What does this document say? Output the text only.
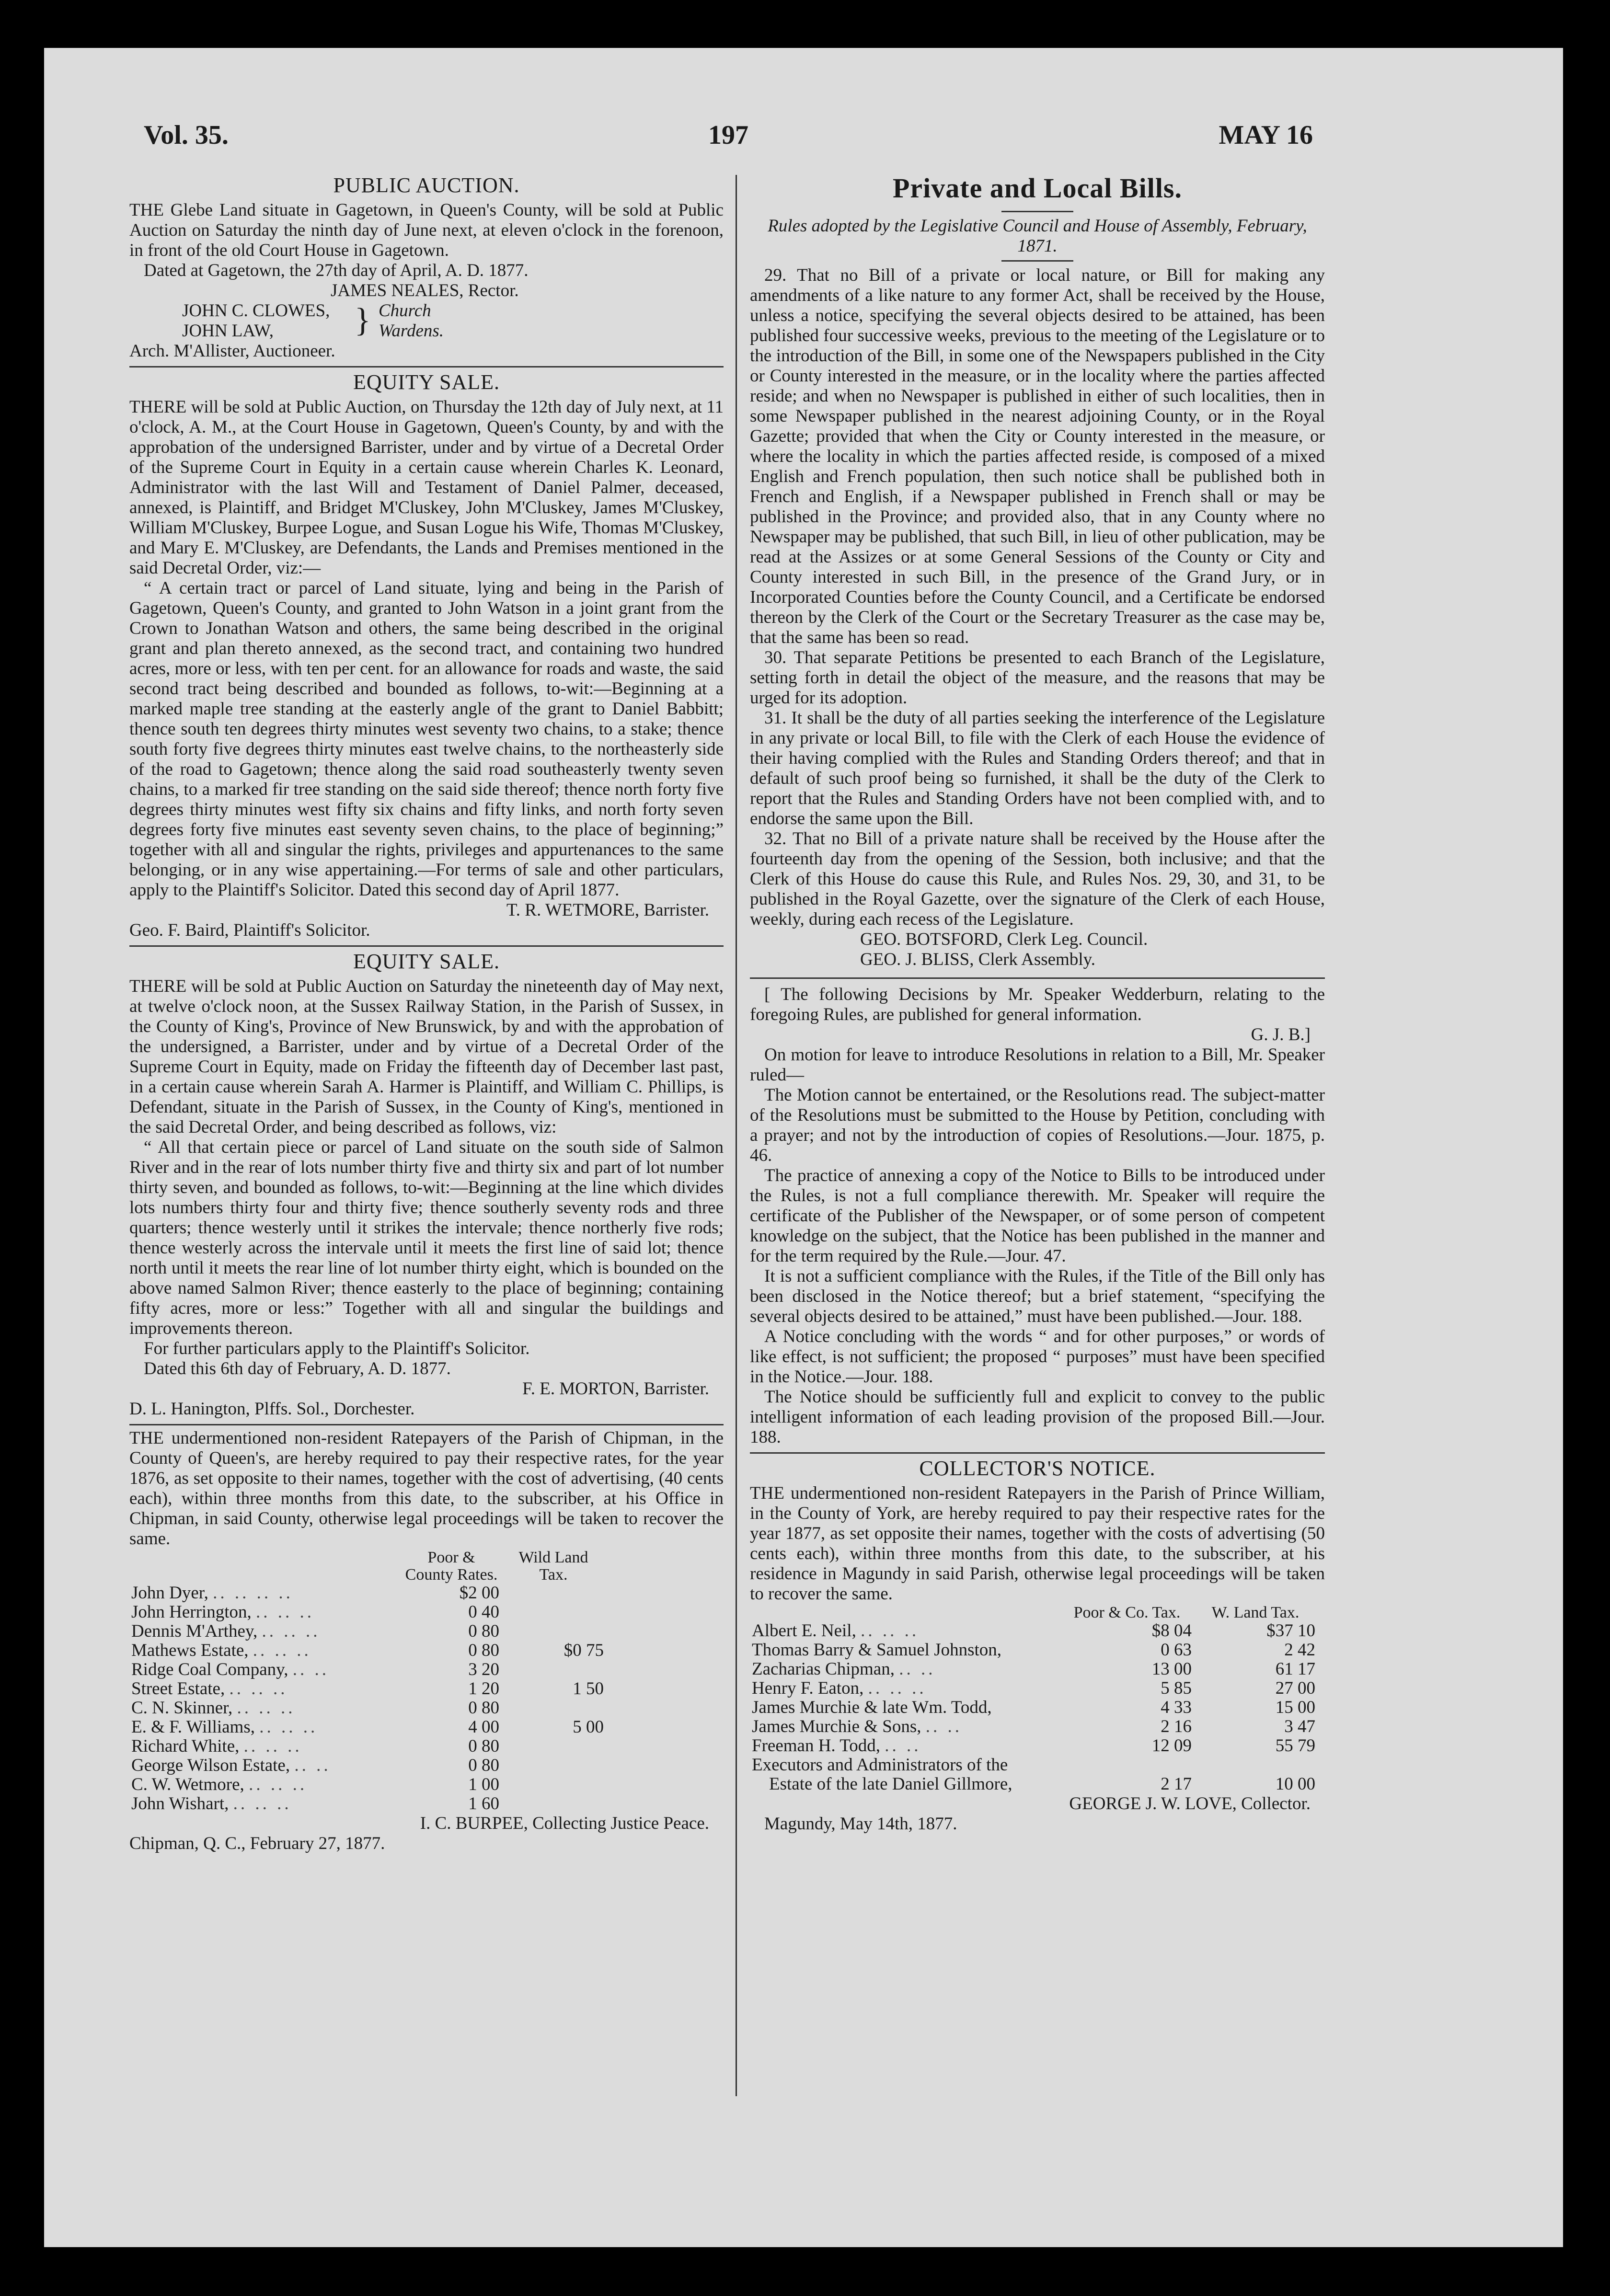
Vol. 35.	197	MAY 16
PUBLIC AUCTION.

THE Glebe Land situate in Gagetown, in Queen's County, will be sold at Public Auction on Saturday the ninth day of June next, at eleven o'clock in the forenoon, in front of the old Court House in Gagetown.

Dated at Gagetown, the 27th day of April, A. D. 1877.

JAMES NEALES, Rector.
JOHN C. CLOWES,
JOHN LAW, } Church
Wardens.

Arch. M'Allister, Auctioneer.

EQUITY SALE.

THERE will be sold at Public Auction, on Thursday the 12th day of July next, at 11 o'clock, A. M., at the Court House in Gagetown, Queen's County, by and with the approbation of the undersigned Barrister, under and by virtue of a Decretal Order of the Supreme Court in Equity in a certain cause wherein Charles K. Leonard, Administrator with the last Will and Testament of Daniel Palmer, deceased, annexed, is Plaintiff, and Bridget M'Cluskey, John M'Cluskey, James M'Cluskey, William M'Cluskey, Burpee Logue, and Susan Logue his Wife, Thomas M'Cluskey, and Mary E. M'Cluskey, are Defendants, the Lands and Premises mentioned in the said Decretal Order, viz:—

“ A certain tract or parcel of Land situate, lying and being in the Parish of Gagetown, Queen's County, and granted to John Watson in a joint grant from the Crown to Jonathan Watson and others, the same being described in the original grant and plan thereto annexed, as the second tract, and containing two hundred acres, more or less, with ten per cent. for an allowance for roads and waste, the said second tract being described and bounded as follows, to-wit:—Beginning at a marked maple tree standing at the easterly angle of the grant to Daniel Babbitt; thence south ten degrees thirty minutes west seventy two chains, to a stake; thence south forty five degrees thirty minutes east twelve chains, to the northeasterly side of the road to Gagetown; thence along the said road southeasterly twenty seven chains, to a marked fir tree standing on the said side thereof; thence north forty five degrees thirty minutes west fifty six chains and fifty links, and north forty seven degrees forty five minutes east seventy seven chains, to the place of beginning;” together with all and singular the rights, privileges and appurtenances to the same belonging, or in any wise appertaining.—For terms of sale and other particulars, apply to the Plaintiff's Solicitor. Dated this second day of April 1877.

T. R. WETMORE, Barrister.

Geo. F. Baird, Plaintiff's Solicitor.

EQUITY SALE.

THERE will be sold at Public Auction on Saturday the nineteenth day of May next, at twelve o'clock noon, at the Sussex Railway Station, in the Parish of Sussex, in the County of King's, Province of New Brunswick, by and with the approbation of the undersigned, a Barrister, under and by virtue of a Decretal Order of the Supreme Court in Equity, made on Friday the fifteenth day of December last past, in a certain cause wherein Sarah A. Harmer is Plaintiff, and William C. Phillips, is Defendant, situate in the Parish of Sussex, in the County of King's, mentioned in the said Decretal Order, and being described as follows, viz:

“ All that certain piece or parcel of Land situate on the south side of Salmon River and in the rear of lots number thirty five and thirty six and part of lot number thirty seven, and bounded as follows, to-wit:—Beginning at the line which divides lots numbers thirty four and thirty five; thence southerly seventy rods and three quarters; thence westerly until it strikes the intervale; thence northerly five rods; thence westerly across the intervale until it meets the first line of said lot; thence north until it meets the rear line of lot number thirty eight, which is bounded on the above named Salmon River; thence easterly to the place of beginning; containing fifty acres, more or less:” Together with all and singular the buildings and improvements thereon.

For further particulars apply to the Plaintiff's Solicitor.

Dated this 6th day of February, A. D. 1877.

F. E. MORTON, Barrister.

D. L. Hanington, Plffs. Sol., Dorchester.

THE undermentioned non-resident Ratepayers of the Parish of Chipman, in the County of Queen's, are hereby required to pay their respective rates, for the year 1876, as set opposite to their names, together with the cost of advertising, (40 cents each), within three months from this date, to the subscriber, at his Office in Chipman, in said County, otherwise legal proceedings will be taken to recover the same.

	Poor & County Rates.	Wild Land Tax.
John Dyer, .. .. .. ..	$2 00	
John Herrington, .. .. ..	0 40	
Dennis M'Arthey, .. .. ..	0 80	
Mathews Estate, .. .. ..	0 80	$0 75
Ridge Coal Company, .. ..	3 20	
Street Estate, .. .. ..	1 20	1 50
C. N. Skinner, .. .. ..	0 80	
E. & F. Williams, .. .. ..	4 00	5 00
Richard White, .. .. ..	0 80	
George Wilson Estate, .. ..	0 80	
C. W. Wetmore, .. .. ..	1 00	
John Wishart, .. .. ..	1 60	
I. C. BURPEE, Collecting Justice Peace.

Chipman, Q. C., February 27, 1877.

Private and Local Bills.

Rules adopted by the Legislative Council and House of Assembly, February, 1871.

29. That no Bill of a private or local nature, or Bill for making any amendments of a like nature to any former Act, shall be received by the House, unless a notice, specifying the several objects desired to be attained, has been published four successive weeks, previous to the meeting of the Legislature or to the introduction of the Bill, in some one of the Newspapers published in the City or County interested in the measure, or in the locality where the parties affected reside; and when no Newspaper is published in either of such localities, then in some Newspaper published in the nearest adjoining County, or in the Royal Gazette; provided that when the City or County interested in the measure, or where the locality in which the parties affected reside, is composed of a mixed English and French population, then such notice shall be published both in French and English, if a Newspaper published in French shall or may be published in the Province; and provided also, that in any County where no Newspaper may be published, that such Bill, in lieu of other publication, may be read at the Assizes or at some General Sessions of the County or City and County interested in such Bill, in the presence of the Grand Jury, or in Incorporated Counties before the County Council, and a Certificate be endorsed thereon by the Clerk of the Court or the Secretary Treasurer as the case may be, that the same has been so read.

30. That separate Petitions be presented to each Branch of the Legislature, setting forth in detail the object of the measure, and the reasons that may be urged for its adoption.

31. It shall be the duty of all parties seeking the interference of the Legislature in any private or local Bill, to file with the Clerk of each House the evidence of their having complied with the Rules and Standing Orders thereof; and that in default of such proof being so furnished, it shall be the duty of the Clerk to report that the Rules and Standing Orders have not been complied with, and to endorse the same upon the Bill.

32. That no Bill of a private nature shall be received by the House after the fourteenth day from the opening of the Session, both inclusive; and that the Clerk of this House do cause this Rule, and Rules Nos. 29, 30, and 31, to be published in the Royal Gazette, over the signature of the Clerk of each House, weekly, during each recess of the Legislature.

GEO. BOTSFORD, Clerk Leg. Council.
GEO. J. BLISS, Clerk Assembly.

[ The following Decisions by Mr. Speaker Wedderburn, relating to the foregoing Rules, are published for general information.

G. J. B.]

On motion for leave to introduce Resolutions in relation to a Bill, Mr. Speaker ruled—

The Motion cannot be entertained, or the Resolutions read. The subject-matter of the Resolutions must be submitted to the House by Petition, concluding with a prayer; and not by the introduction of copies of Resolutions.—Jour. 1875, p. 46.

The practice of annexing a copy of the Notice to Bills to be introduced under the Rules, is not a full compliance therewith. Mr. Speaker will require the certificate of the Publisher of the Newspaper, or of some person of competent knowledge on the subject, that the Notice has been published in the manner and for the term required by the Rule.—Jour. 47.

It is not a sufficient compliance with the Rules, if the Title of the Bill only has been disclosed in the Notice thereof; but a brief statement, “specifying the several objects desired to be attained,” must have been published.—Jour. 188.

A Notice concluding with the words “ and for other purposes,” or words of like effect, is not sufficient; the proposed “ purposes” must have been specified in the Notice.—Jour. 188.

The Notice should be sufficiently full and explicit to convey to the public intelligent information of each leading provision of the proposed Bill.—Jour. 188.

COLLECTOR'S NOTICE.

THE undermentioned non-resident Ratepayers in the Parish of Prince William, in the County of York, are hereby required to pay their respective rates for the year 1877, as set opposite their names, together with the costs of advertising (50 cents each), within three months from this date, to the subscriber, at his residence in Magundy in said Parish, otherwise legal proceedings will be taken to recover the same.

	Poor & Co. Tax.	W. Land Tax.
Albert E. Neil, .. .. ..	$8 04	$37 10
Thomas Barry & Samuel Johnston,	0 63	2 42
Zacharias Chipman, .. ..	13 00	61 17
Henry F. Eaton, .. .. ..	5 85	27 00
James Murchie & late Wm. Todd,	4 33	15 00
James Murchie & Sons, .. ..	2 16	3 47
Freeman H. Todd, .. ..	12 09	55 79
Executors and Administrators of the		
Estate of the late Daniel Gillmore,	2 17	10 00
GEORGE J. W. LOVE, Collector.

Magundy, May 14th, 1877.
